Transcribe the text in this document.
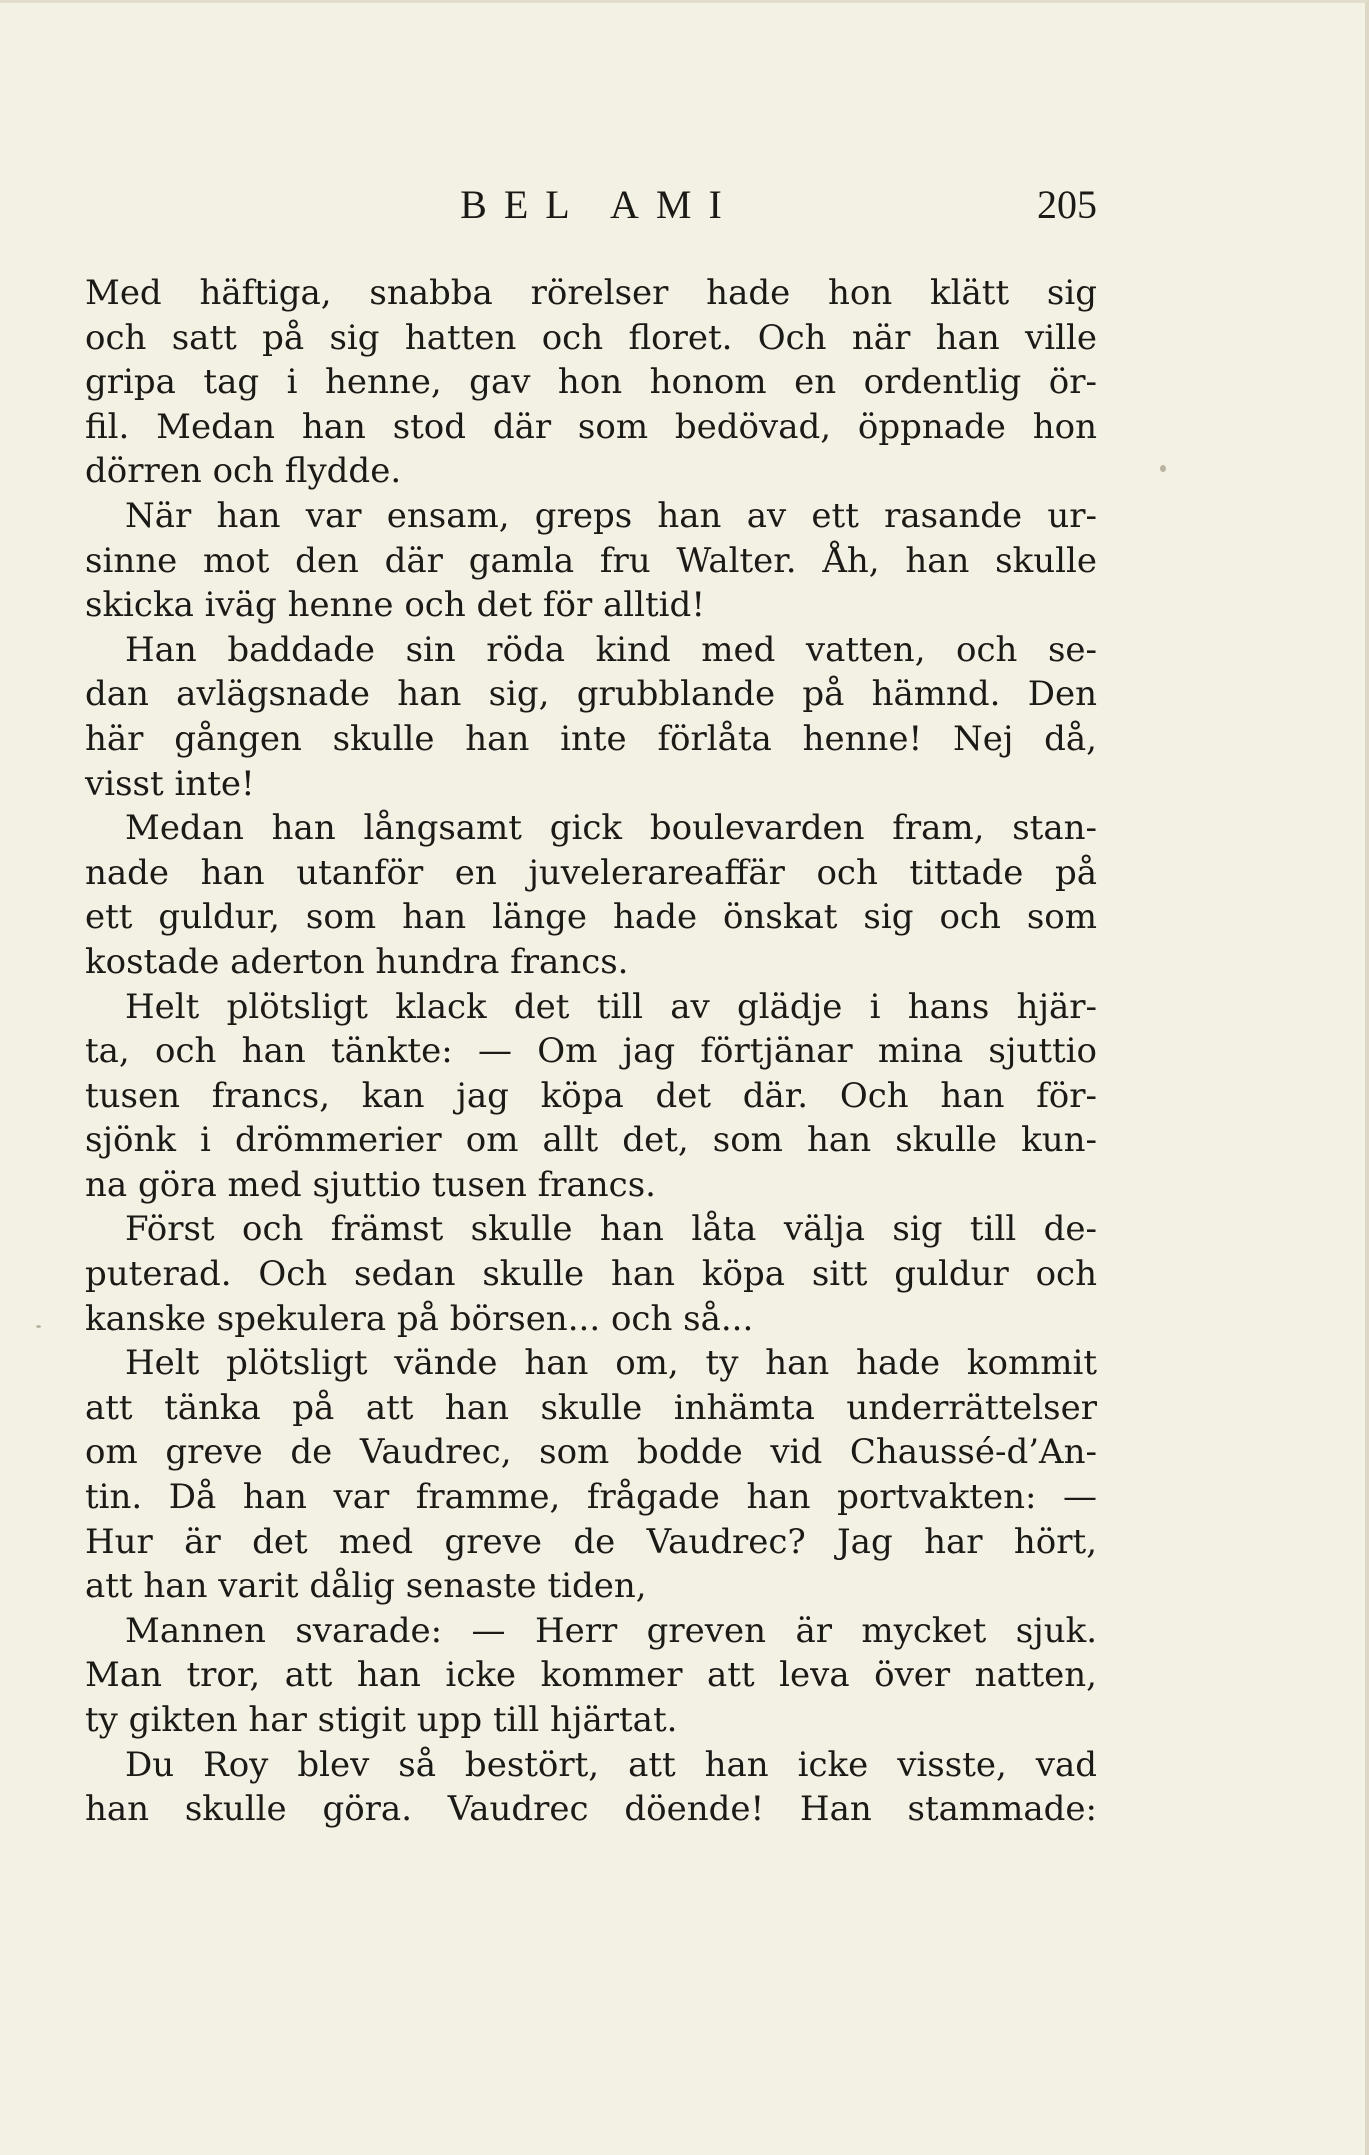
BEL AMI	205
Med häftiga, snabba rörelser hade hon klätt sig
och satt på sig hatten och floret. Och när han ville
gripa tag i henne, gav hon honom en ordentlig ör-
fil. Medan han stod där som bedövad, öppnade hon
dörren och flydde.
När han var ensam, greps han av ett rasande ur-
sinne mot den där gamla fru Walter. Åh, han skulle
skicka iväg henne och det för alltid!
Han baddade sin röda kind med vatten, och se-
dan avlägsnade han sig, grubblande på hämnd. Den
här gången skulle han inte förlåta henne! Nej då,
visst inte!
Medan han långsamt gick boulevarden fram, stan-
nade han utanför en juvelerareaffär och tittade på
ett guldur, som han länge hade önskat sig och som
kostade aderton hundra francs.
Helt plötsligt klack det till av glädje i hans hjär-
ta, och han tänkte: — Om jag förtjänar mina sjuttio
tusen francs, kan jag köpa det där. Och han för-
sjönk i drömmerier om allt det, som han skulle kun-
na göra med sjuttio tusen francs.
Först och främst skulle han låta välja sig till de-
puterad. Och sedan skulle han köpa sitt guldur och
kanske spekulera på börsen... och så...
Helt plötsligt vände han om, ty han hade kommit
att tänka på att han skulle inhämta underrättelser
om greve de Vaudrec, som bodde vid Chaussé-d’An-
tin. Då han var framme, frågade han portvakten: —
Hur är det med greve de Vaudrec? Jag har hört,
att han varit dålig senaste tiden,
Mannen svarade: — Herr greven är mycket sjuk.
Man tror, att han icke kommer att leva över natten,
ty gikten har stigit upp till hjärtat.
Du Roy blev så bestört, att han icke visste, vad
han skulle göra. Vaudrec döende! Han stammade:
